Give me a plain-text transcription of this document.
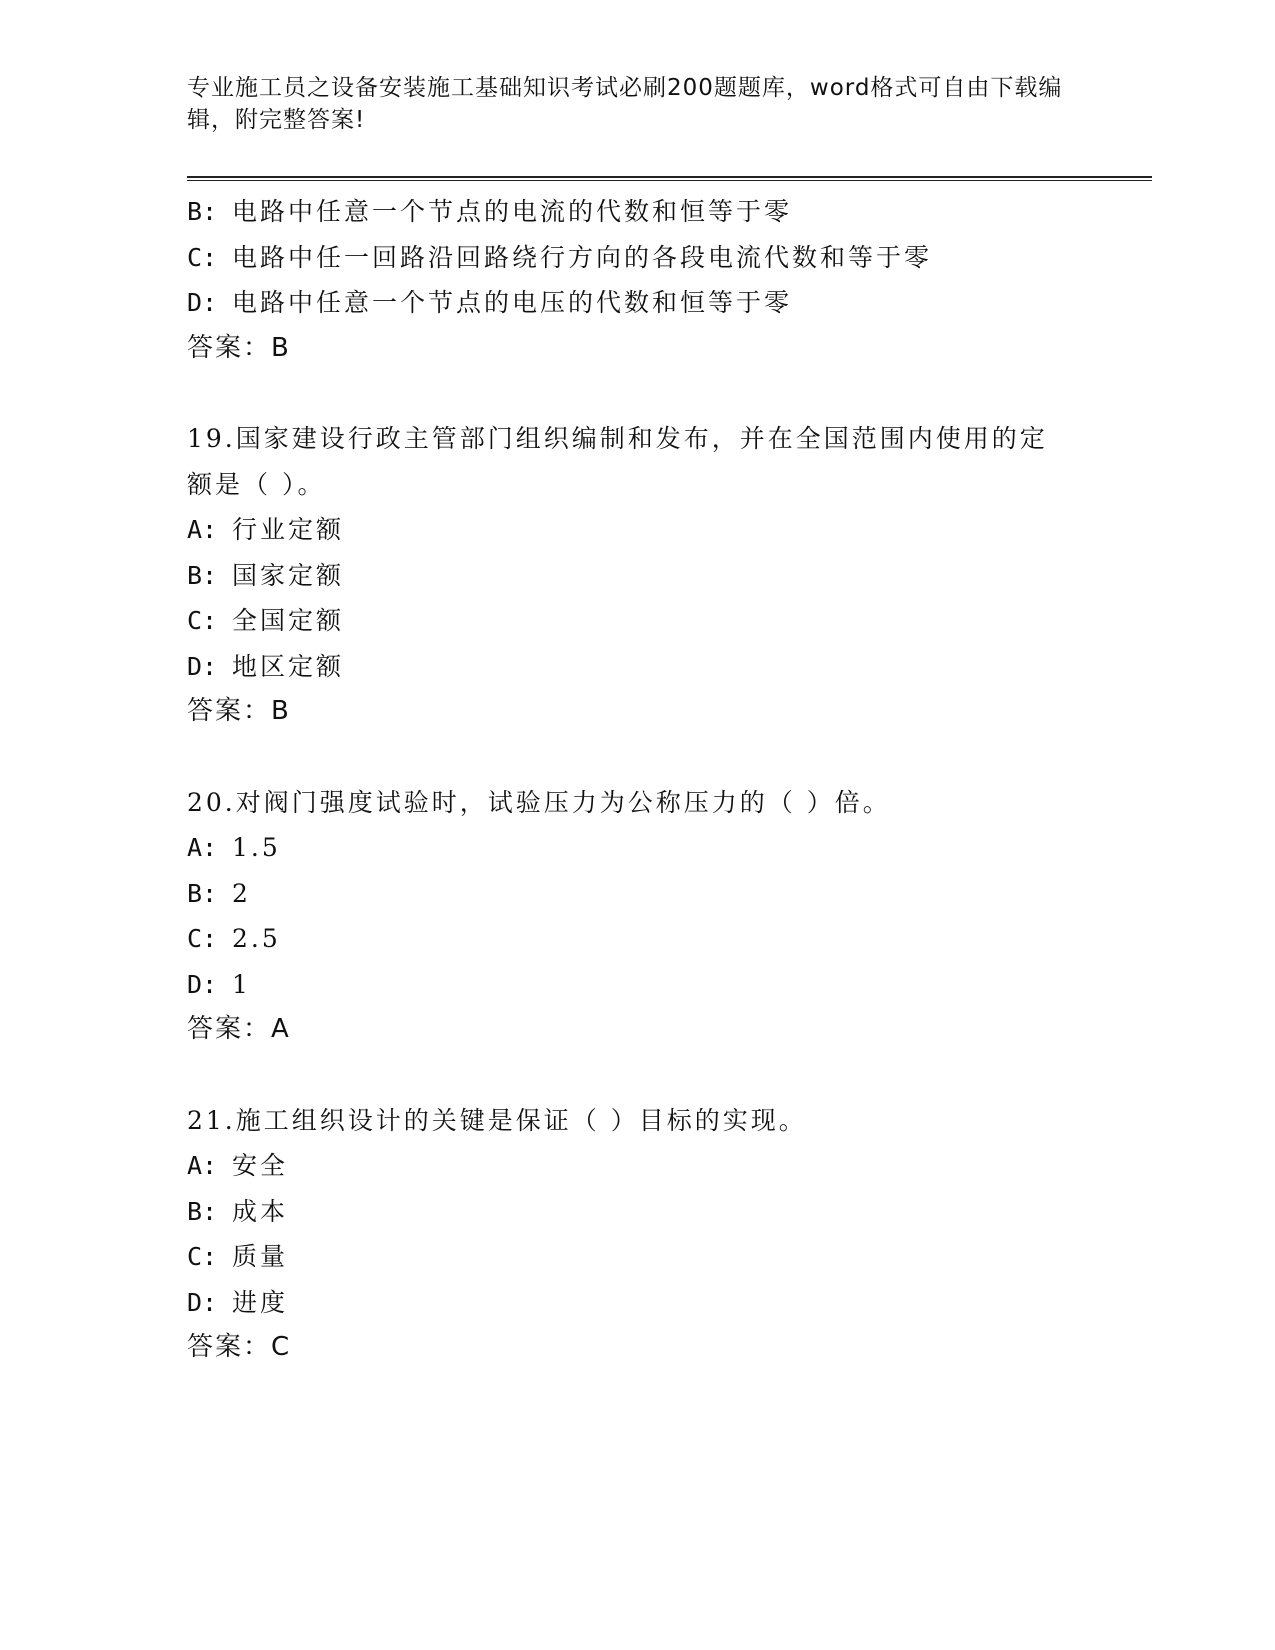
专业施工员之设备安装施工基础知识考试必刷200题题库，word格式可自由下载编辑，附完整答案!

B: 电路中任意一个节点的电流的代数和恒等于零
C: 电路中任一回路沿回路绕行方向的各段电流代数和等于零
D: 电路中任意一个节点的电压的代数和恒等于零
答案：B
19.国家建设行政主管部门组织编制和发布，并在全国范围内使用的定额是（ ）。
A: 行业定额
B: 国家定额
C: 全国定额
D: 地区定额
答案：B
20.对阀门强度试验时，试验压力为公称压力的（ ）倍。
A: 1.5
B: 2
C: 2.5
D: 1
答案：A
21.施工组织设计的关键是保证（ ）目标的实现。
A: 安全
B: 成本
C: 质量
D: 进度
答案：C
